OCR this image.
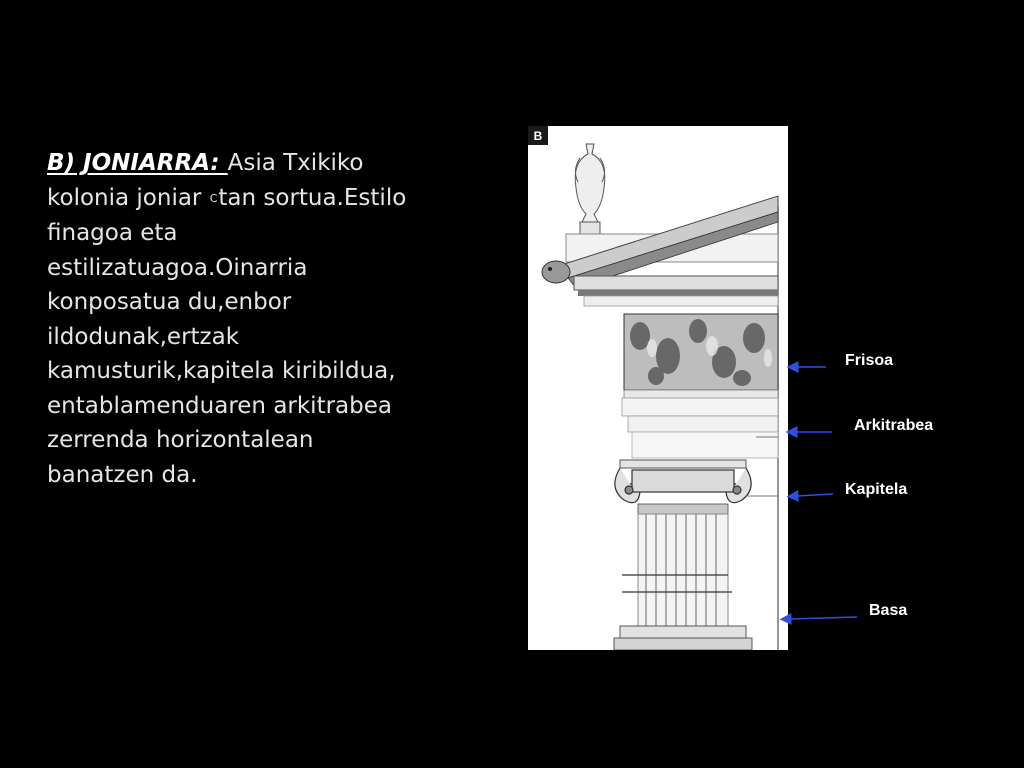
B) JONIARRA: Asia Txikiko kolonia joniar Ctan sortua.Estilo finagoa eta estilizatuagoa.Oinarria konposatua du,enbor ildodunak,ertzak kamusturik,kapitela kiribildua, entablamenduaren arkitrabea zerrenda horizontalean banatzen da.
B
Frisoa
Arkitrabea
Kapitela
Basa
